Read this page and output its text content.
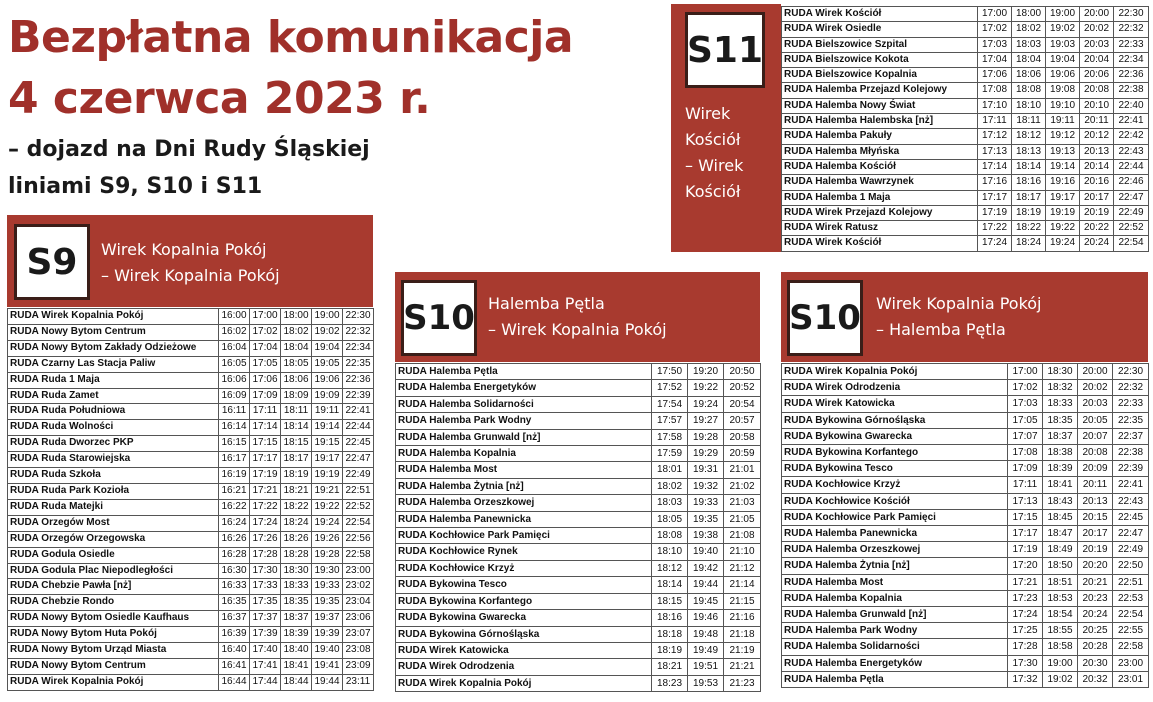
Bezpłatna komunikacja
4 czerwca 2023 r.
– dojazd na Dni Rudy Śląskiej
liniami S9, S10 i S11
S11
Wirek
Kościół
– Wirek
Kościół
RUDA Wirek Kościół	17:00	18:00	19:00	20:00	22:30
RUDA Wirek Osiedle	17:02	18:02	19:02	20:02	22:32
RUDA Bielszowice Szpital	17:03	18:03	19:03	20:03	22:33
RUDA Bielszowice Kokota	17:04	18:04	19:04	20:04	22:34
RUDA Bielszowice Kopalnia	17:06	18:06	19:06	20:06	22:36
RUDA Halemba Przejazd Kolejowy	17:08	18:08	19:08	20:08	22:38
RUDA Halemba Nowy Świat	17:10	18:10	19:10	20:10	22:40
RUDA Halemba Halembska [nż]	17:11	18:11	19:11	20:11	22:41
RUDA Halemba Pakuły	17:12	18:12	19:12	20:12	22:42
RUDA Halemba Młyńska	17:13	18:13	19:13	20:13	22:43
RUDA Halemba Kościół	17:14	18:14	19:14	20:14	22:44
RUDA Halemba Wawrzynek	17:16	18:16	19:16	20:16	22:46
RUDA Halemba 1 Maja	17:17	18:17	19:17	20:17	22:47
RUDA Wirek Przejazd Kolejowy	17:19	18:19	19:19	20:19	22:49
RUDA Wirek Ratusz	17:22	18:22	19:22	20:22	22:52
RUDA Wirek Kościół	17:24	18:24	19:24	20:24	22:54
S9	Wirek Kopalnia Pokój
– Wirek Kopalnia Pokój
RUDA Wirek Kopalnia Pokój	16:00	17:00	18:00	19:00	22:30
RUDA Nowy Bytom Centrum	16:02	17:02	18:02	19:02	22:32
RUDA Nowy Bytom Zakłady Odzieżowe	16:04	17:04	18:04	19:04	22:34
RUDA Czarny Las Stacja Paliw	16:05	17:05	18:05	19:05	22:35
RUDA Ruda 1 Maja	16:06	17:06	18:06	19:06	22:36
RUDA Ruda Zamet	16:09	17:09	18:09	19:09	22:39
RUDA Ruda Południowa	16:11	17:11	18:11	19:11	22:41
RUDA Ruda Wolności	16:14	17:14	18:14	19:14	22:44
RUDA Ruda Dworzec PKP	16:15	17:15	18:15	19:15	22:45
RUDA Ruda Starowiejska	16:17	17:17	18:17	19:17	22:47
RUDA Ruda Szkoła	16:19	17:19	18:19	19:19	22:49
RUDA Ruda Park Kozioła	16:21	17:21	18:21	19:21	22:51
RUDA Ruda Matejki	16:22	17:22	18:22	19:22	22:52
RUDA Orzegów Most	16:24	17:24	18:24	19:24	22:54
RUDA Orzegów Orzegowska	16:26	17:26	18:26	19:26	22:56
RUDA Godula Osiedle	16:28	17:28	18:28	19:28	22:58
RUDA Godula Plac Niepodległości	16:30	17:30	18:30	19:30	23:00
RUDA Chebzie Pawła [nż]	16:33	17:33	18:33	19:33	23:02
RUDA Chebzie Rondo	16:35	17:35	18:35	19:35	23:04
RUDA Nowy Bytom Osiedle Kaufhaus	16:37	17:37	18:37	19:37	23:06
RUDA Nowy Bytom Huta Pokój	16:39	17:39	18:39	19:39	23:07
RUDA Nowy Bytom Urząd Miasta	16:40	17:40	18:40	19:40	23:08
RUDA Nowy Bytom Centrum	16:41	17:41	18:41	19:41	23:09
RUDA Wirek Kopalnia Pokój	16:44	17:44	18:44	19:44	23:11
S10 Halemba Pętla
– Wirek Kopalnia Pokój
RUDA Halemba Pętla	17:50	19:20	20:50
RUDA Halemba Energetyków	17:52	19:22	20:52
RUDA Halemba Solidarności	17:54	19:24	20:54
RUDA Halemba Park Wodny	17:57	19:27	20:57
RUDA Halemba Grunwald [nż]	17:58	19:28	20:58
RUDA Halemba Kopalnia	17:59	19:29	20:59
RUDA Halemba Most	18:01	19:31	21:01
RUDA Halemba Żytnia [nż]	18:02	19:32	21:02
RUDA Halemba Orzeszkowej	18:03	19:33	21:03
RUDA Halemba Panewnicka	18:05	19:35	21:05
RUDA Kochłowice Park Pamięci	18:08	19:38	21:08
RUDA Kochłowice Rynek	18:10	19:40	21:10
RUDA Kochłowice Krzyż	18:12	19:42	21:12
RUDA Bykowina Tesco	18:14	19:44	21:14
RUDA Bykowina Korfantego	18:15	19:45	21:15
RUDA Bykowina Gwarecka	18:16	19:46	21:16
RUDA Bykowina Górnośląska	18:18	19:48	21:18
RUDA Wirek Katowicka	18:19	19:49	21:19
RUDA Wirek Odrodzenia	18:21	19:51	21:21
RUDA Wirek Kopalnia Pokój	18:23	19:53	21:23
S10 Wirek Kopalnia Pokój
– Halemba Pętla
RUDA Wirek Kopalnia Pokój	17:00	18:30	20:00	22:30
RUDA Wirek Odrodzenia	17:02	18:32	20:02	22:32
RUDA Wirek Katowicka	17:03	18:33	20:03	22:33
RUDA Bykowina Górnośląska	17:05	18:35	20:05	22:35
RUDA Bykowina Gwarecka	17:07	18:37	20:07	22:37
RUDA Bykowina Korfantego	17:08	18:38	20:08	22:38
RUDA Bykowina Tesco	17:09	18:39	20:09	22:39
RUDA Kochłowice Krzyż	17:11	18:41	20:11	22:41
RUDA Kochłowice Kościół	17:13	18:43	20:13	22:43
RUDA Kochłowice Park Pamięci	17:15	18:45	20:15	22:45
RUDA Halemba Panewnicka	17:17	18:47	20:17	22:47
RUDA Halemba Orzeszkowej	17:19	18:49	20:19	22:49
RUDA Halemba Żytnia [nż]	17:20	18:50	20:20	22:50
RUDA Halemba Most	17:21	18:51	20:21	22:51
RUDA Halemba Kopalnia	17:23	18:53	20:23	22:53
RUDA Halemba Grunwald [nż]	17:24	18:54	20:24	22:54
RUDA Halemba Park Wodny	17:25	18:55	20:25	22:55
RUDA Halemba Solidarności	17:28	18:58	20:28	22:58
RUDA Halemba Energetyków	17:30	19:00	20:30	23:00
RUDA Halemba Pętla	17:32	19:02	20:32	23:01
